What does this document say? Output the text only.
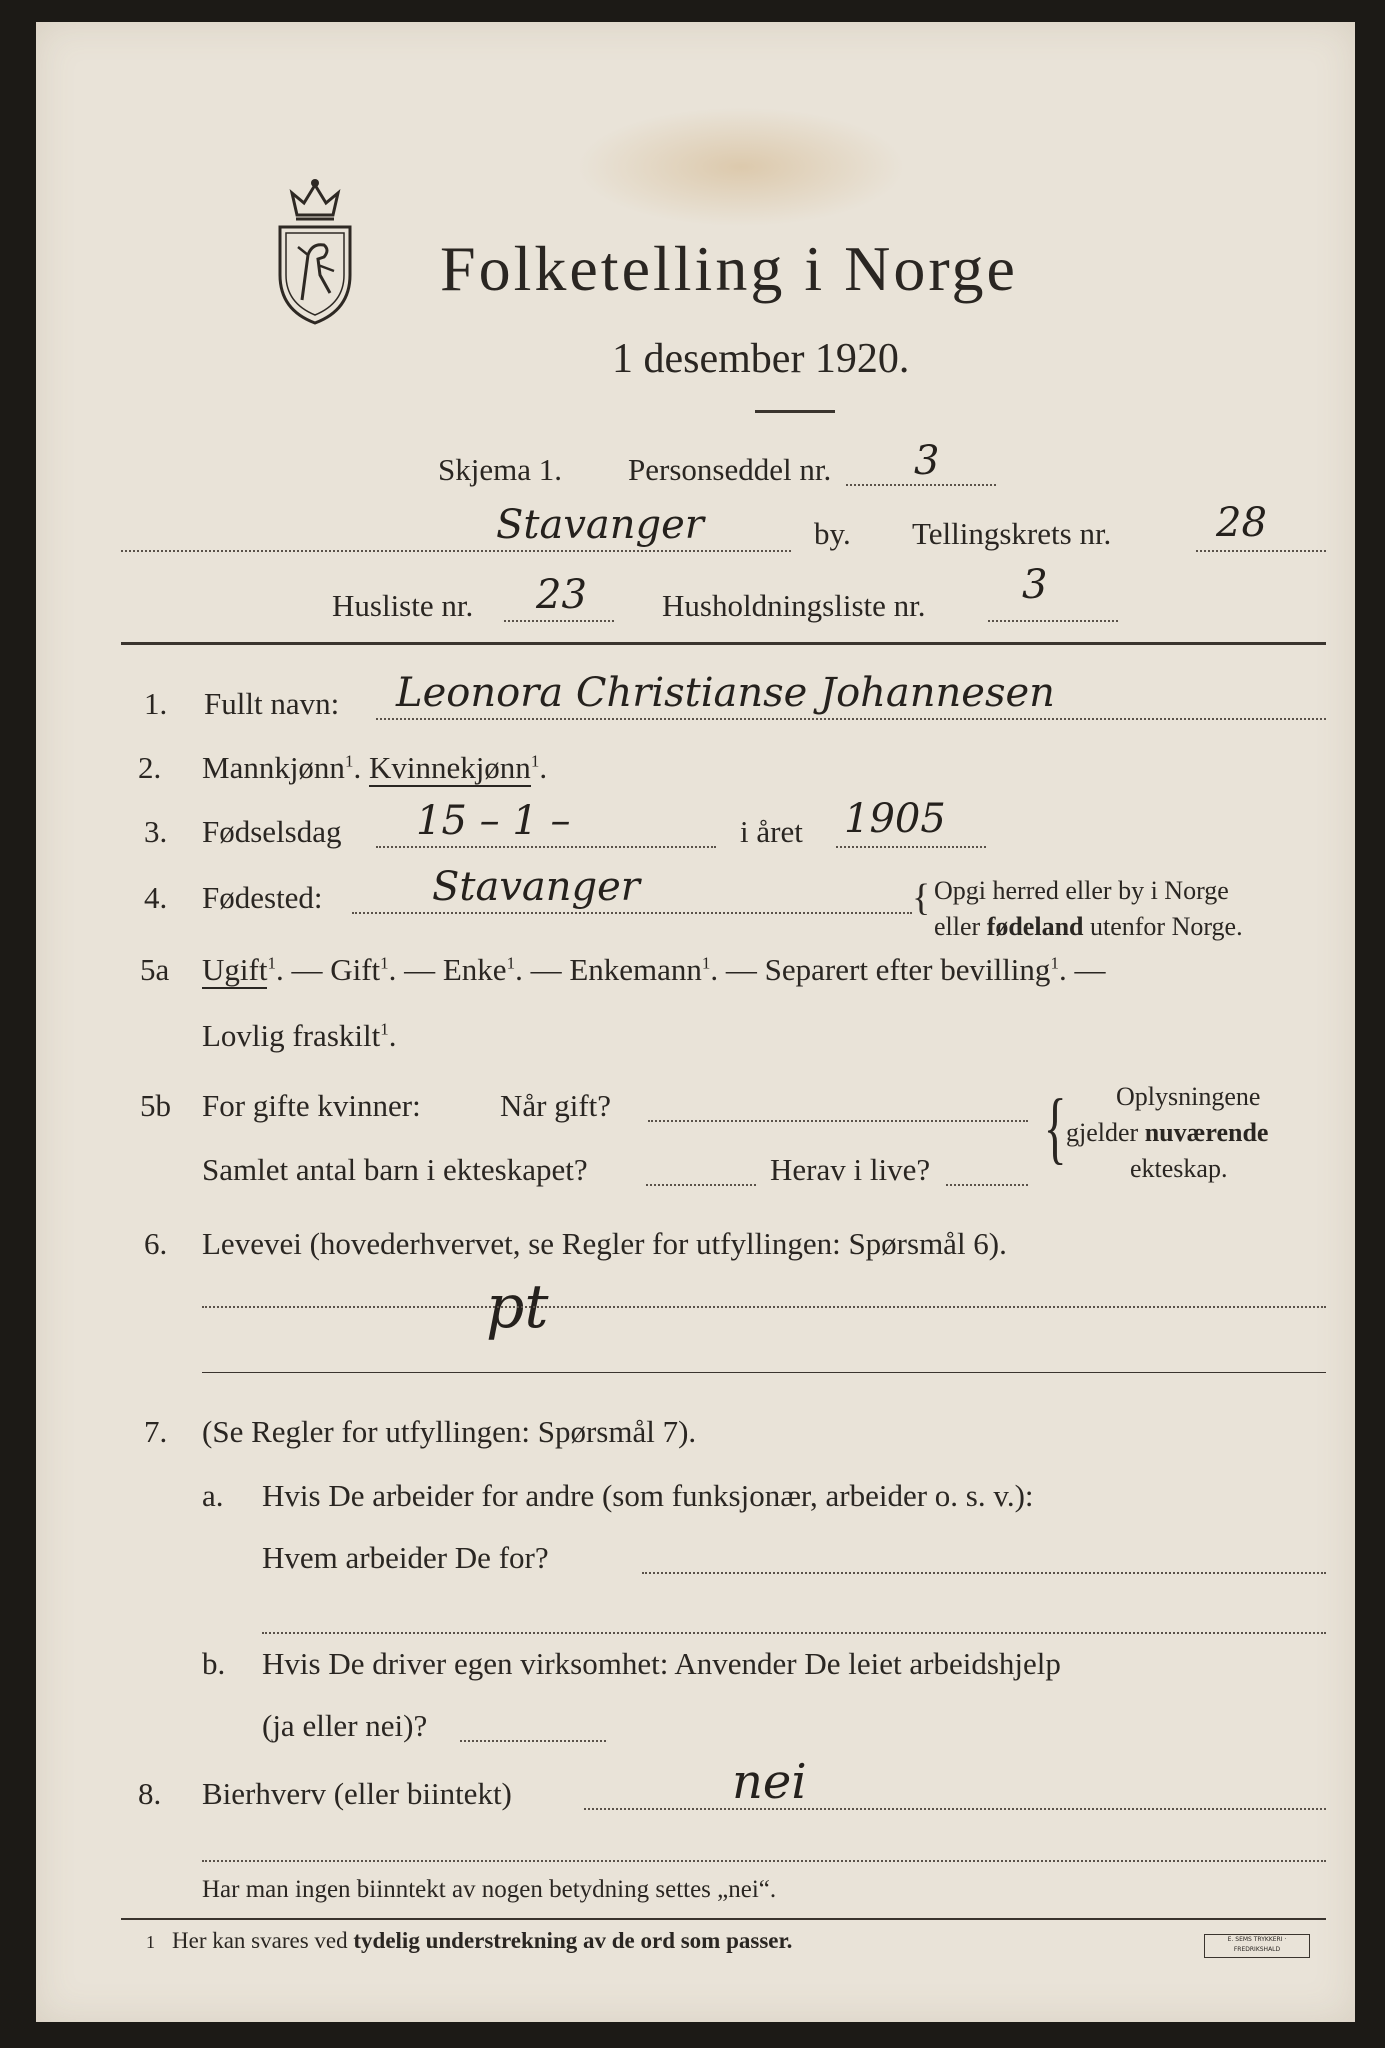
Folketelling i Norge
1 desember 1920.
Skjema 1. Personseddel nr. 3
Stavanger	by. Tellingskrets nr.	28
Husliste nr. 23 Husholdningsliste nr. 3
1. Fullt navn: Leonora Christianse Johannesen
2. Mannkjønn$^1$. Kvinnekjønn$^1$.
3. Fødselsdag 15 – 1 –	i året 1905
4. Fødested:	Stavanger	{ Opgi herred eller by i Norge
eller fødeland utenfor Norge.
5a Ugift$^1$. — Gift$^1$. — Enke$^1$. — Enkemann$^1$. — Separert efter bevilling$^1$. —
Lovlig fraskilt$^1$.
5b For gifte kvinner:	Når gift?
Samlet antal barn i ekteskapet?	Herav i live? { Oplysningene
gjelder nuværende
ekteskap.
6. Levevei (hovederhvervet, se Regler for utfyllingen: Spørsmål 6).
pt
7. (Se Regler for utfyllingen: Spørsmål 7).
a. Hvis De arbeider for andre (som funksjonær, arbeider o. s. v.):
Hvem arbeider De for?
b. Hvis De driver egen virksomhet: Anvender De leiet arbeidshjelp
(ja eller nei)?
8. Bierhverv (eller biintekt)	nei
Har man ingen biinntekt av nogen betydning settes „nei“.
1 Her kan svares ved tydelig understrekning av de ord som passer.	E. SEMS TRYKKERI · FREDRIKSHALD
